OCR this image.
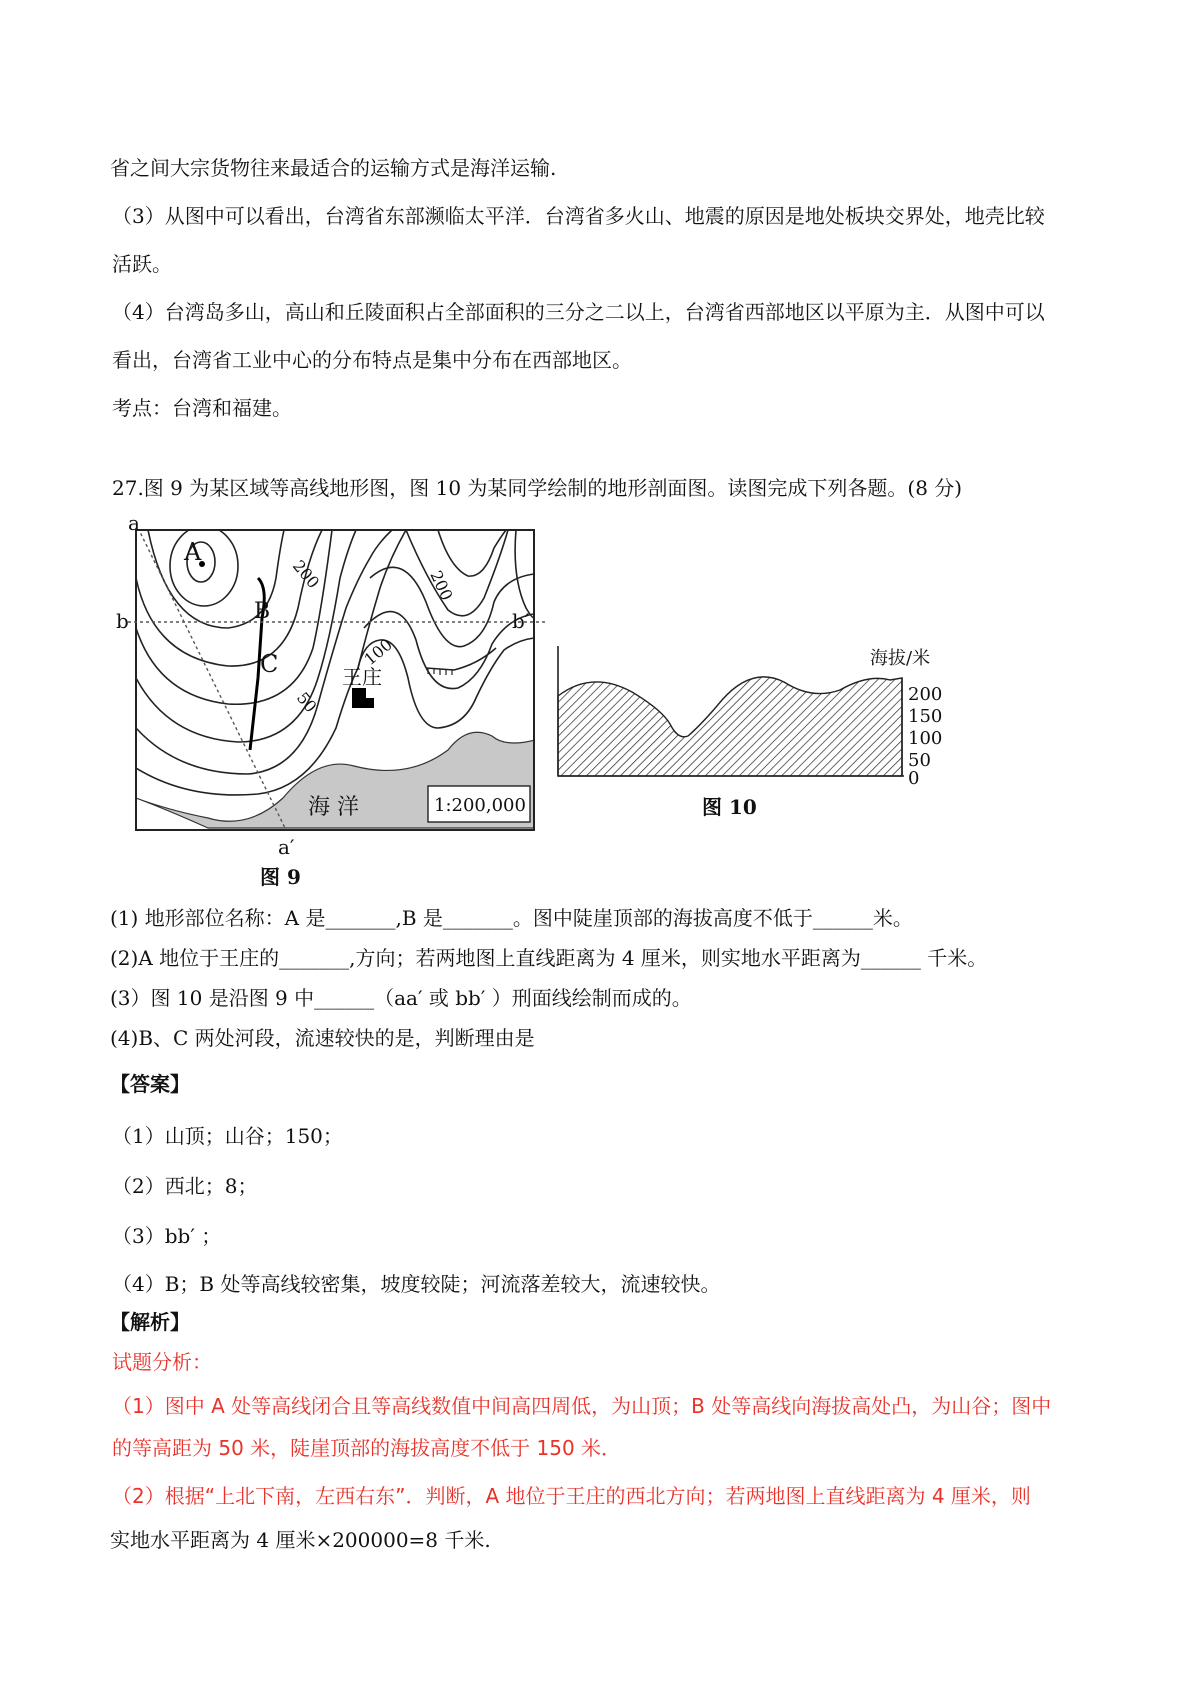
省之间大宗货物往来最适合的运输方式是海洋运输.
（3）从图中可以看出，台湾省东部濒临太平洋．台湾省多火山、地震的原因是地处板块交界处，地壳比较
活跃。
（4）台湾岛多山，高山和丘陵面积占全部面积的三分之二以上，台湾省西部地区以平原为主．从图中可以
看出，台湾省工业中心的分布特点是集中分布在西部地区。
考点：台湾和福建。
27.图 9 为某区域等高线地形图，图 10 为某同学绘制的地形剖面图。读图完成下列各题。(8 分)
a
a′
b	b′
A
B
C
200	200
100
50
王庄
海 洋	1:200,000
图 9
海拔/米
200
150
100
50
0
图 10
(1) 地形部位名称：A 是_______,B 是_______。图中陡崖顶部的海拔高度不低于______米。
(2)A 地位于王庄的_______,方向；若两地图上直线距离为 4 厘米，则实地水平距离为______ 千米。
(3）图 10 是沿图 9 中______（aa′ 或 bb′ ）刑面线绘制而成的。
(4)B、C 两处河段，流速较快的是，判断理由是
【答案】
（1）山顶；山谷；150；
（2）西北；8；
（3）bb′ ；
（4）B；B 处等高线较密集，坡度较陡；河流落差较大，流速较快。
【解析】
试题分析：
（1）图中 A 处等高线闭合且等高线数值中间高四周低，为山顶；B 处等高线向海拔高处凸，为山谷；图中
的等高距为 50 米，陡崖顶部的海拔高度不低于 150 米．
（2）根据“上北下南，左西右东”．判断，A 地位于王庄的西北方向；若两地图上直线距离为 4 厘米，则
实地水平距离为 4 厘米×200000=8 千米.
